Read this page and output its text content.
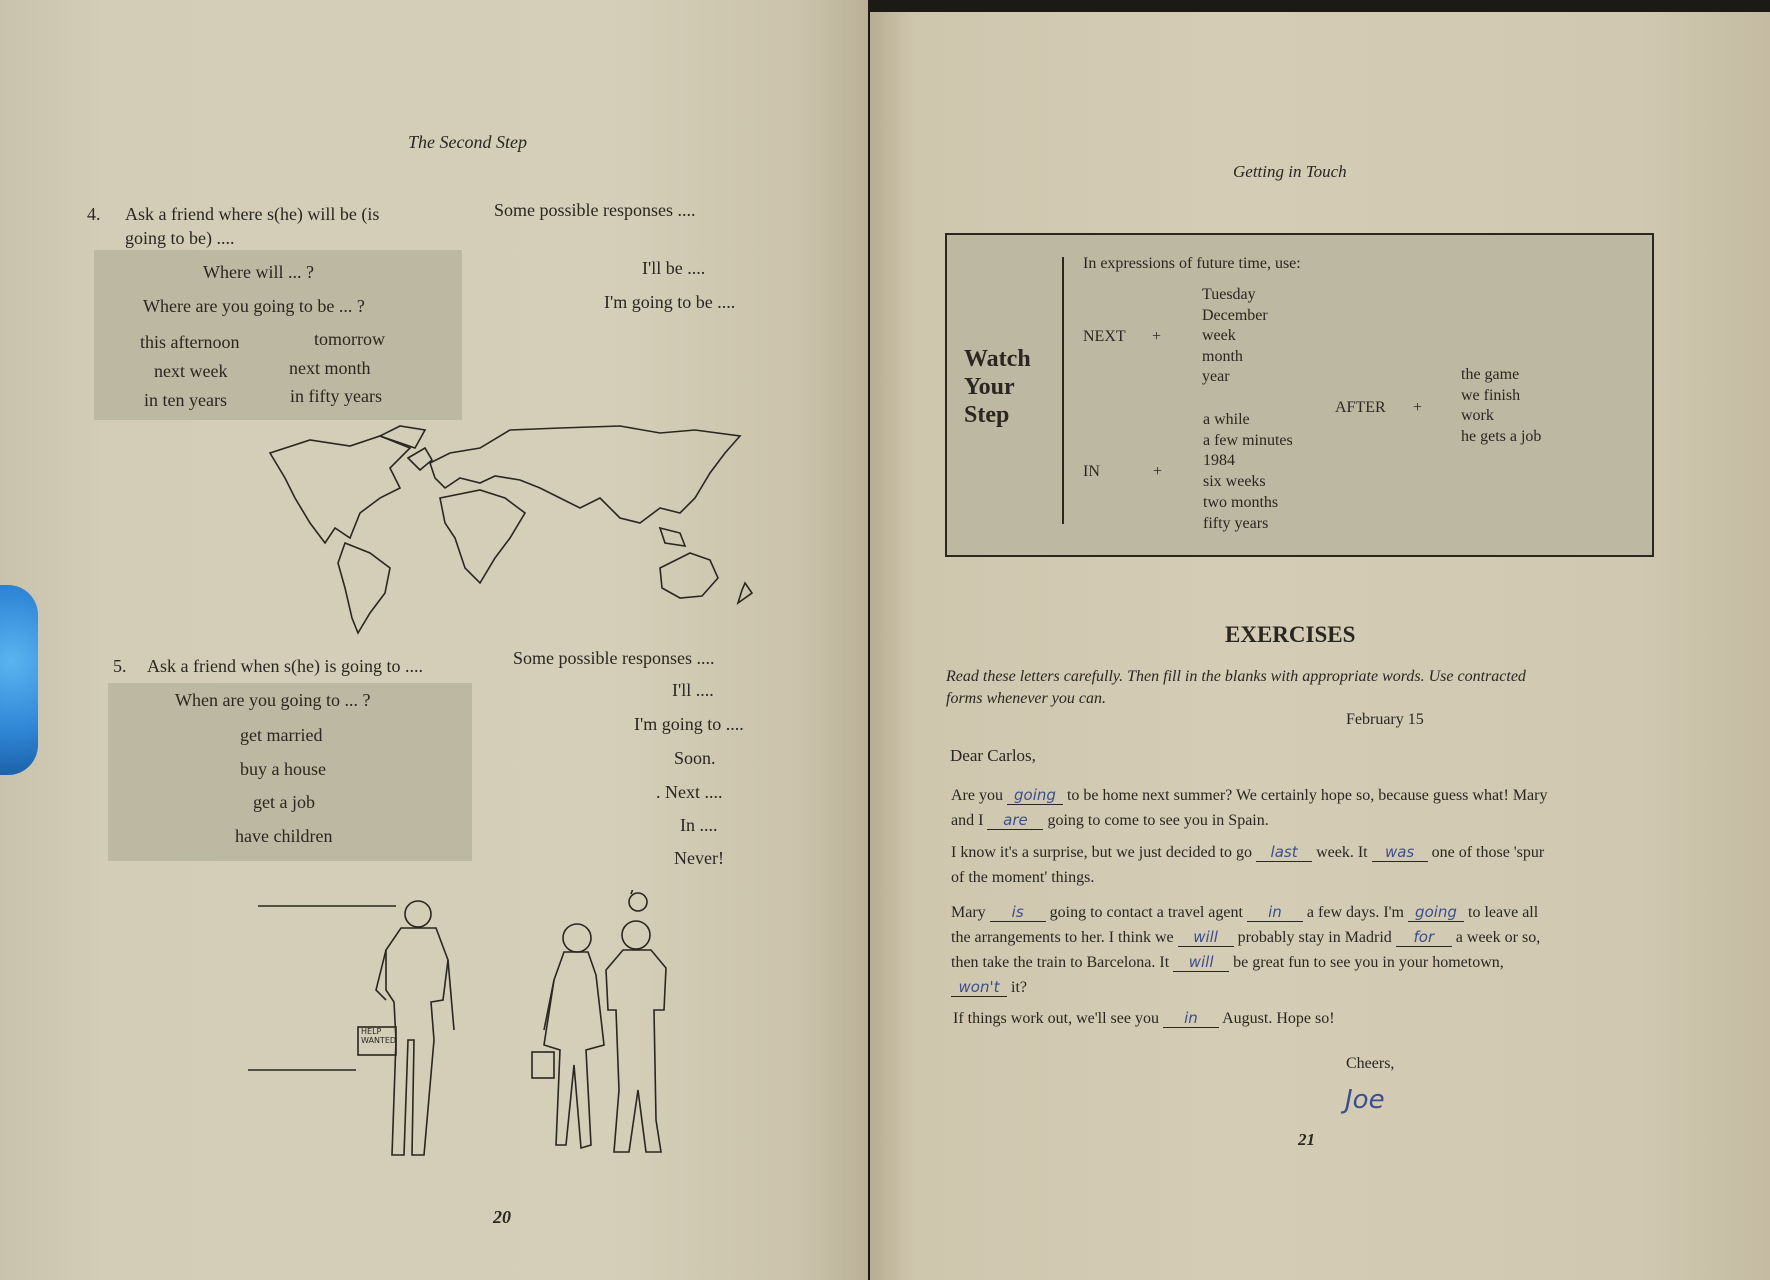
The Second Step
4. Ask a friend where s(he) will be (is
going to be) ....
Some possible responses ....
Where will ... ?
Where are you going to be ... ?
this afternoon	tomorrow
next week	next month
in ten years	in fifty years
I'll be ....
I'm going to be ....
5. Ask a friend when s(he) is going to ....	Some possible responses ....
When are you going to ... ?
get married
buy a house
get a job
have children
I'll ....
I'm going to ....
Soon.
. Next ....
In ....
Never!
HELP
WANTED
20
Getting in Touch
Watch
Your
Step
In expressions of future time, use:
NEXT +
Tuesday
December
week
month
year
IN	+
a while
a few minutes
1984
six weeks
two months
fifty years
AFTER +
the game
we finish
work
he gets a job
EXERCISES
Read these letters carefully. Then fill in the blanks with appropriate words. Use contracted
forms whenever you can.
February 15
Dear Carlos,
Are you going to be home next summer? We certainly hope so, because guess what! Mary
and I are going to come to see you in Spain.
I know it's a surprise, but we just decided to go last week. It was one of those 'spur
of the moment' things.
Mary is going to contact a travel agent in a few days. I'm going to leave all
the arrangements to her. I think we will probably stay in Madrid for a week or so,
then take the train to Barcelona. It will be great fun to see you in your hometown,
won't it?
If things work out, we'll see you in August. Hope so!
Cheers,
Joe
21
